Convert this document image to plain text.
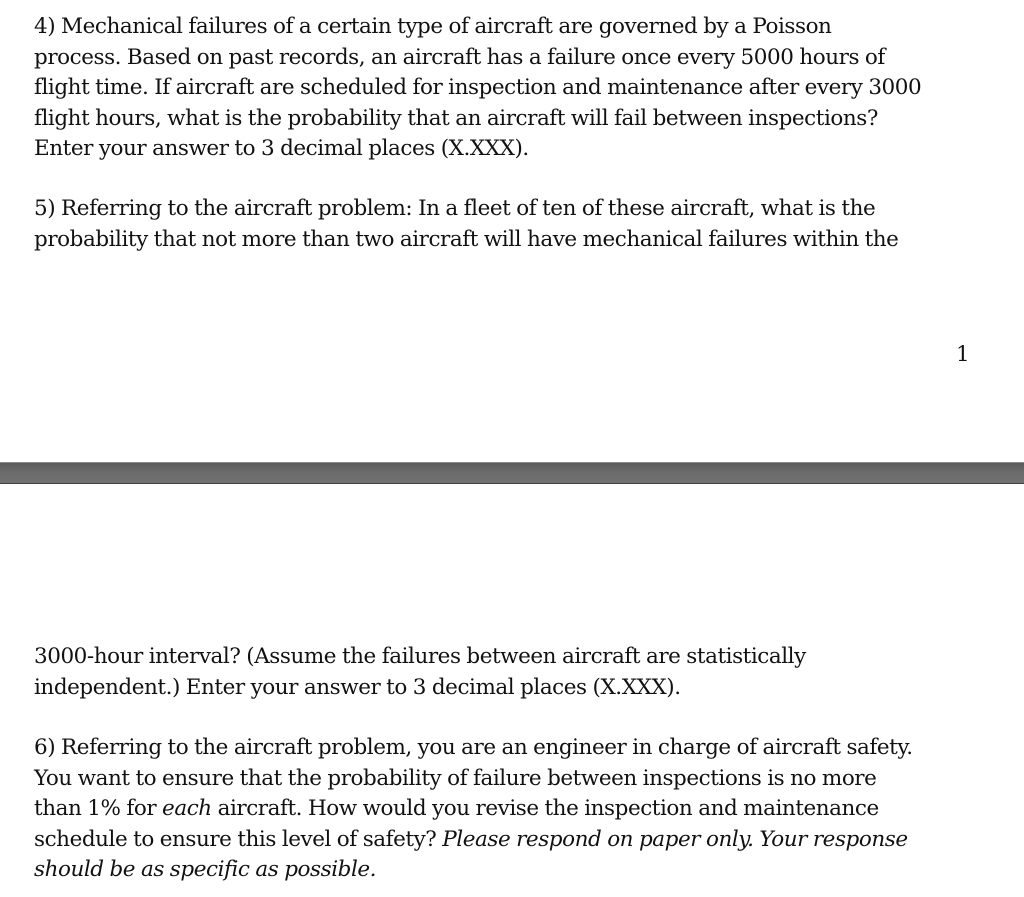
4) Mechanical failures of a certain type of aircraft are governed by a Poisson
process. Based on past records, an aircraft has a failure once every 5000 hours of
flight time. If aircraft are scheduled for inspection and maintenance after every 3000
flight hours, what is the probability that an aircraft will fail between inspections?
Enter your answer to 3 decimal places (X.XXX).
5) Referring to the aircraft problem: In a fleet of ten of these aircraft, what is the
probability that not more than two aircraft will have mechanical failures within the
1
3000-hour interval? (Assume the failures between aircraft are statistically
independent.) Enter your answer to 3 decimal places (X.XXX).
6) Referring to the aircraft problem, you are an engineer in charge of aircraft safety.
You want to ensure that the probability of failure between inspections is no more
than 1% for each aircraft. How would you revise the inspection and maintenance
schedule to ensure this level of safety? Please respond on paper only. Your response
should be as specific as possible.
